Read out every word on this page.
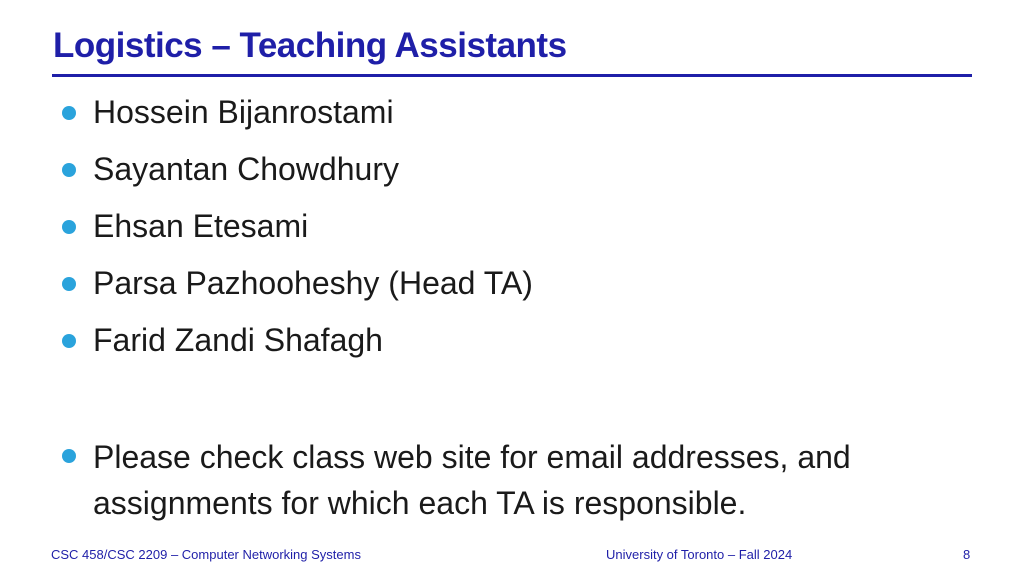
Logistics – Teaching Assistants
Hossein Bijanrostami
Sayantan Chowdhury
Ehsan Etesami
Parsa Pazhooheshy (Head TA)
Farid Zandi Shafagh
Please check class web site for email addresses, and
assignments for which each TA is responsible.
CSC 458/CSC 2209 – Computer Networking Systems	University of Toronto – Fall 2024	8
